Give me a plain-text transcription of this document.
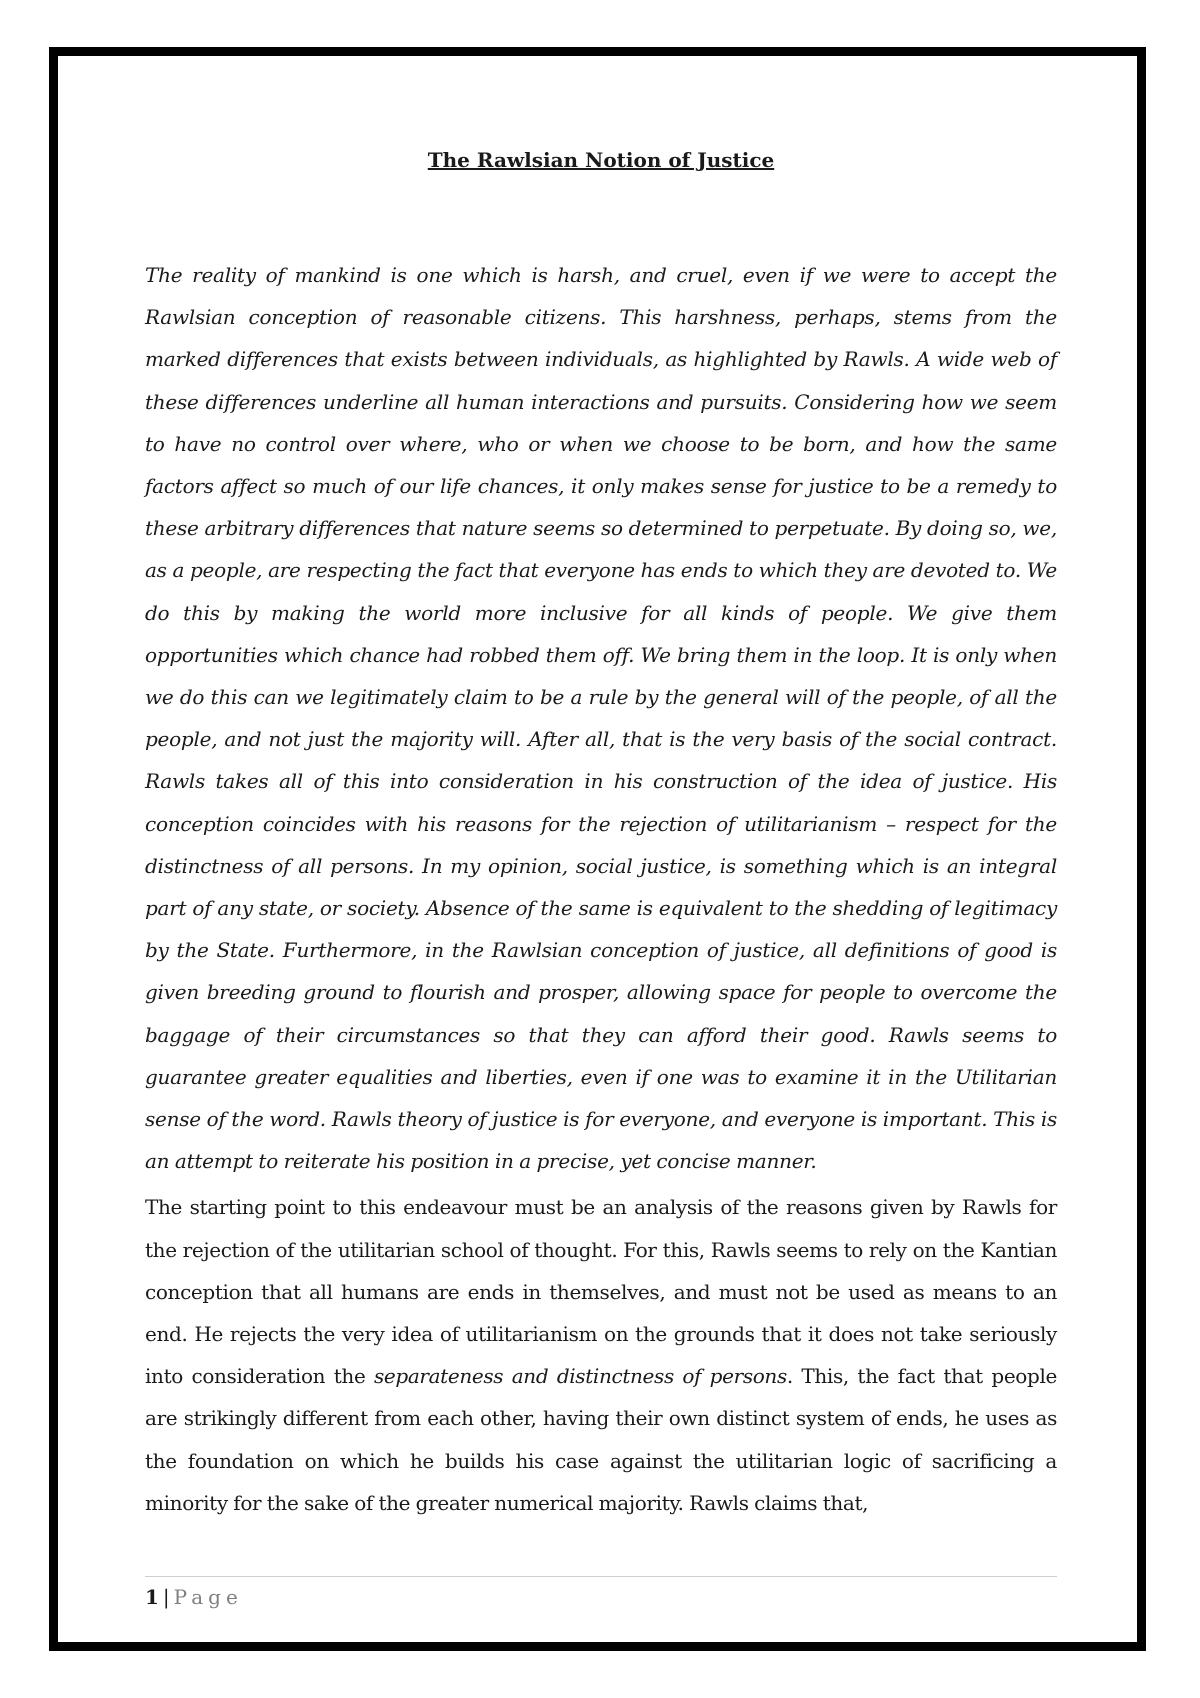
The Rawlsian Notion of Justice

The reality of mankind is one which is harsh, and cruel, even if we were to accept the Rawlsian conception of reasonable citizens. This harshness, perhaps, stems from the marked differences that exists between individuals, as highlighted by Rawls. A wide web of these differences underline all human interactions and pursuits. Considering how we seem to have no control over where, who or when we choose to be born, and how the same factors affect so much of our life chances, it only makes sense for justice to be a remedy to these arbitrary differences that nature seems so determined to perpetuate. By doing so, we, as a people, are respecting the fact that everyone has ends to which they are devoted to. We do this by making the world more inclusive for all kinds of people. We give them opportunities which chance had robbed them off. We bring them in the loop. It is only when we do this can we legitimately claim to be a rule by the general will of the people, of all the people, and not just the majority will. After all, that is the very basis of the social contract. Rawls takes all of this into consideration in his construction of the idea of justice. His conception coincides with his reasons for the rejection of utilitarianism – respect for the distinctness of all persons. In my opinion, social justice, is something which is an integral part of any state, or society. Absence of the same is equivalent to the shedding of legitimacy by the State. Furthermore, in the Rawlsian conception of justice, all definitions of good is given breeding ground to flourish and prosper, allowing space for people to overcome the baggage of their circumstances so that they can afford their good. Rawls seems to guarantee greater equalities and liberties, even if one was to examine it in the Utilitarian sense of the word. Rawls theory of justice is for everyone, and everyone is important. This is an attempt to reiterate his position in a precise, yet concise manner.

The starting point to this endeavour must be an analysis of the reasons given by Rawls for the rejection of the utilitarian school of thought. For this, Rawls seems to rely on the Kantian conception that all humans are ends in themselves, and must not be used as means to an end. He rejects the very idea of utilitarianism on the grounds that it does not take seriously into consideration the separateness and distinctness of persons. This, the fact that people are strikingly different from each other, having their own distinct system of ends, he uses as the foundation on which he builds his case against the utilitarian logic of sacrificing a minority for the sake of the greater numerical majority. Rawls claims that,

1 | Page
